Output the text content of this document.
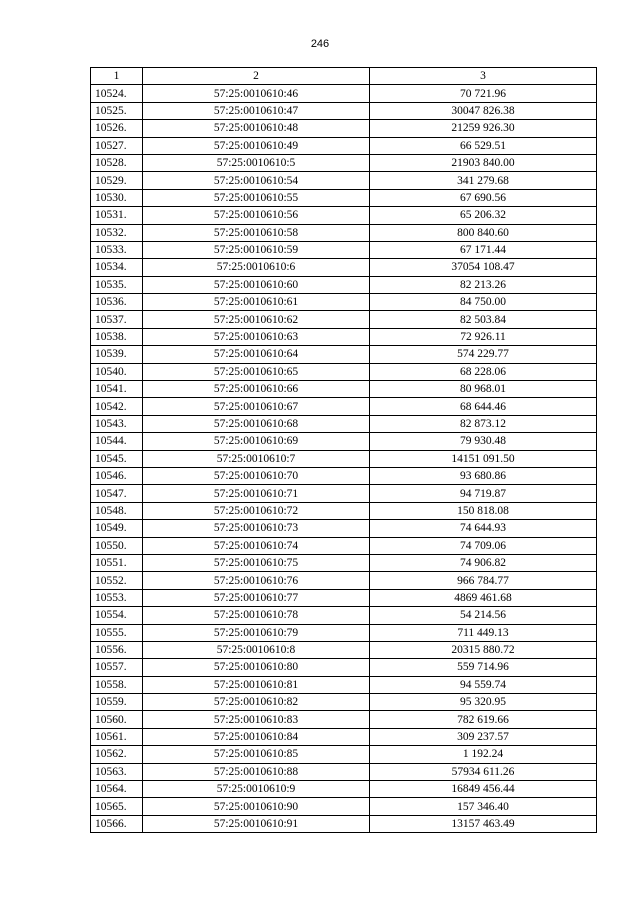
246
1	2	3
10524.	57:25:0010610:46	70 721.96
10525.	57:25:0010610:47	30047 826.38
10526.	57:25:0010610:48	21259 926.30
10527.	57:25:0010610:49	66 529.51
10528.	57:25:0010610:5	21903 840.00
10529.	57:25:0010610:54	341 279.68
10530.	57:25:0010610:55	67 690.56
10531.	57:25:0010610:56	65 206.32
10532.	57:25:0010610:58	800 840.60
10533.	57:25:0010610:59	67 171.44
10534.	57:25:0010610:6	37054 108.47
10535.	57:25:0010610:60	82 213.26
10536.	57:25:0010610:61	84 750.00
10537.	57:25:0010610:62	82 503.84
10538.	57:25:0010610:63	72 926.11
10539.	57:25:0010610:64	574 229.77
10540.	57:25:0010610:65	68 228.06
10541.	57:25:0010610:66	80 968.01
10542.	57:25:0010610:67	68 644.46
10543.	57:25:0010610:68	82 873.12
10544.	57:25:0010610:69	79 930.48
10545.	57:25:0010610:7	14151 091.50
10546.	57:25:0010610:70	93 680.86
10547.	57:25:0010610:71	94 719.87
10548.	57:25:0010610:72	150 818.08
10549.	57:25:0010610:73	74 644.93
10550.	57:25:0010610:74	74 709.06
10551.	57:25:0010610:75	74 906.82
10552.	57:25:0010610:76	966 784.77
10553.	57:25:0010610:77	4869 461.68
10554.	57:25:0010610:78	54 214.56
10555.	57:25:0010610:79	711 449.13
10556.	57:25:0010610:8	20315 880.72
10557.	57:25:0010610:80	559 714.96
10558.	57:25:0010610:81	94 559.74
10559.	57:25:0010610:82	95 320.95
10560.	57:25:0010610:83	782 619.66
10561.	57:25:0010610:84	309 237.57
10562.	57:25:0010610:85	1 192.24
10563.	57:25:0010610:88	57934 611.26
10564.	57:25:0010610:9	16849 456.44
10565.	57:25:0010610:90	157 346.40
10566.	57:25:0010610:91	13157 463.49
